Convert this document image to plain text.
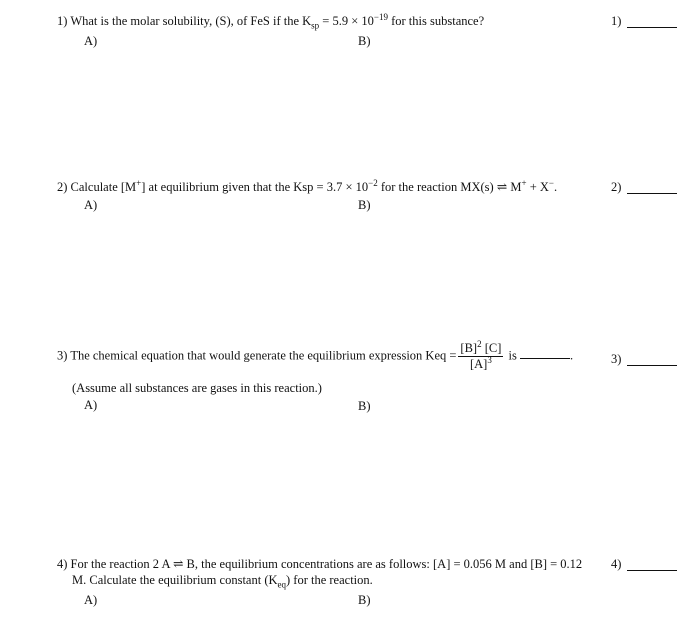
1) What is the molar solubility, (S), of FeS if the $K_{sp} = 5.9 \times 10^{-19}$ for this substance?
A)	B)
1)
2) Calculate [M+] at equilibrium given that the Ksp = $3.7 \times 10^{-2}$ for the reaction MX(s) ⇌ M+ + X−.
A)	B)
2)
3) The chemical equation that would generate the equilibrium expression Keq = $\frac{[B]^2 [C]}{[A]^3}$ is	.
(Assume all substances are gases in this reaction.)
A)	B)
3)
4) For the reaction 2 A ⇌ B, the equilibrium concentrations are as follows: [A] = 0.056 M and [B] = 0.12
M. Calculate the equilibrium constant $(K_{eq})$ for the reaction.
A)	B)
4)
